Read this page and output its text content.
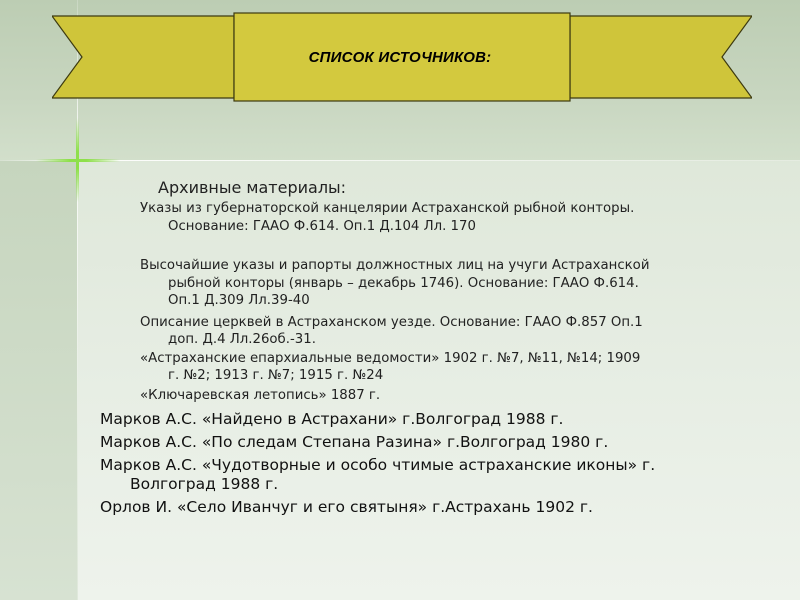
СПИСОК ИСТОЧНИКОВ:
Архивные материалы:
Указы из губернаторской канцелярии Астраханской рыбной конторы.
Основание: ГААО Ф.614. Оп.1 Д.104 Лл. 170
Высочайшие указы и рапорты должностных лиц на учуги Астраханской
рыбной конторы (январь – декабрь 1746). Основание: ГААО Ф.614.
Оп.1 Д.309 Лл.39-40
Описание церквей в Астраханском уезде. Основание: ГААО Ф.857 Оп.1
доп. Д.4 Лл.26об.-31.
«Астраханские епархиальные ведомости» 1902 г. №7, №11, №14; 1909
г. №2; 1913 г. №7; 1915 г. №24
«Ключаревская летопись» 1887 г.
Марков А.С. «Найдено в Астрахани» г.Волгоград 1988 г.
Марков А.С. «По следам Степана Разина» г.Волгоград 1980 г.
Марков А.С. «Чудотворные и особо чтимые астраханские иконы» г.
Волгоград 1988 г.
Орлов И. «Село Иванчуг и его святыня» г.Астрахань 1902 г.
